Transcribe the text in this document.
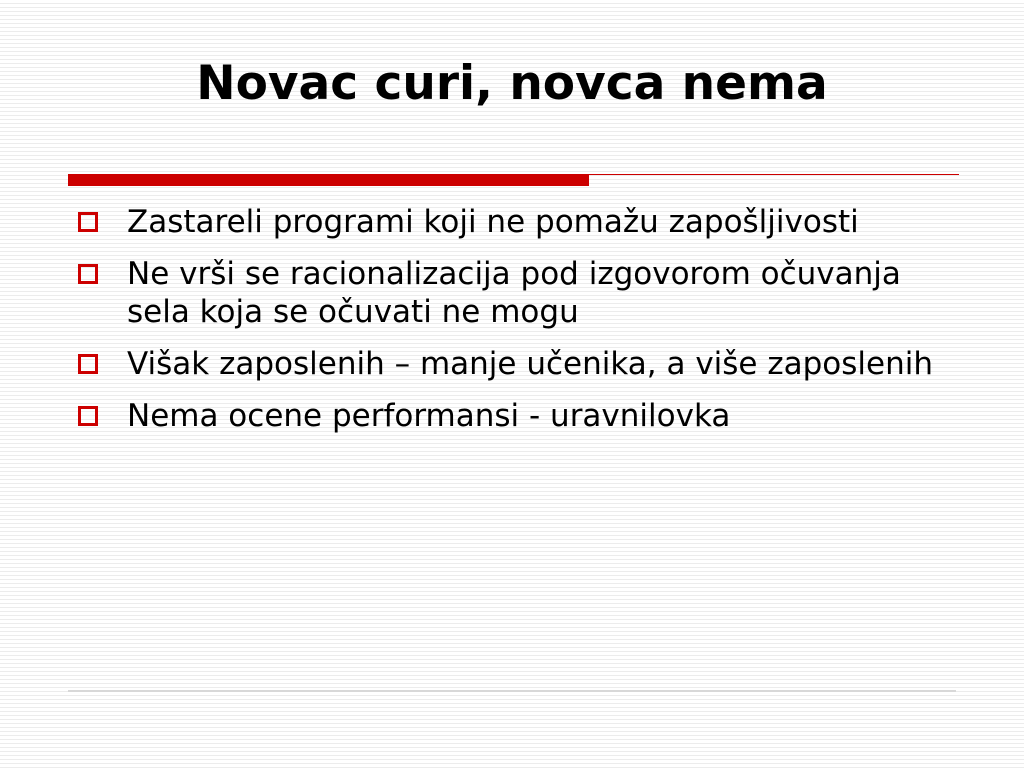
Novac curi, novca nema
Zastareli programi koji ne pomažu zapošljivosti
Ne vrši se racionalizacija pod izgovorom očuvanja sela koja se očuvati ne mogu
Višak zaposlenih – manje učenika, a više zaposlenih
Nema ocene performansi - uravnilovka
